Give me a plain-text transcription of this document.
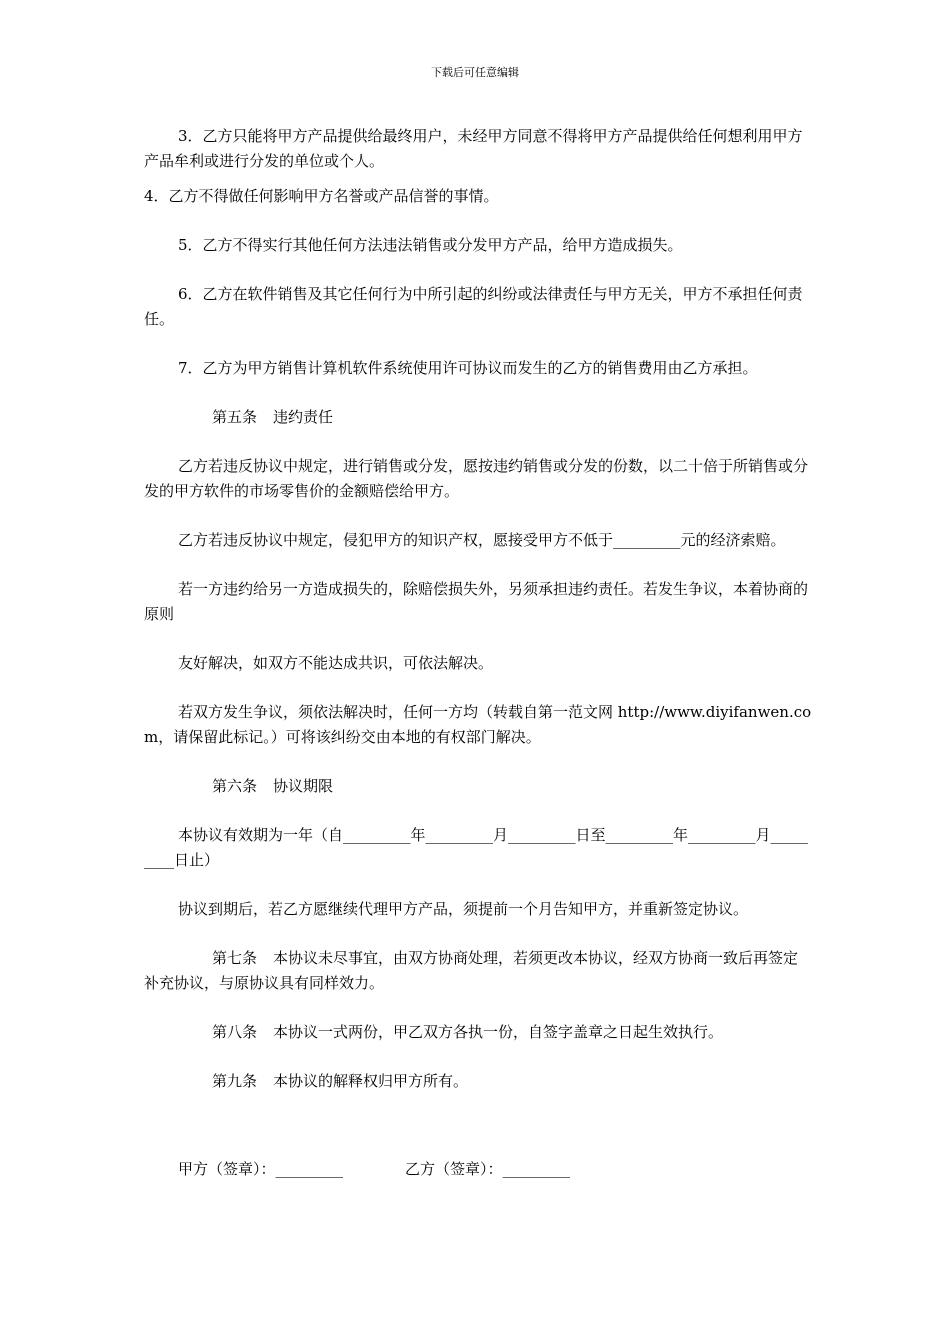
下载后可任意编辑

3．乙方只能将甲方产品提供给最终用户，未经甲方同意不得将甲方产品提供给任何想利用甲方产品牟利或进行分发的单位或个人。

4．乙方不得做任何影响甲方名誉或产品信誉的事情。

5．乙方不得实行其他任何方法违法销售或分发甲方产品，给甲方造成损失。

6．乙方在软件销售及其它任何行为中所引起的纠纷或法律责任与甲方无关，甲方不承担任何责任。

7．乙方为甲方销售计算机软件系统使用许可协议而发生的乙方的销售费用由乙方承担。

第五条 违约责任

乙方若违反协议中规定，进行销售或分发，愿按违约销售或分发的份数，以二十倍于所销售或分发的甲方软件的市场零售价的金额赔偿给甲方。

乙方若违反协议中规定，侵犯甲方的知识产权，愿接受甲方不低于_________元的经济索赔。

若一方违约给另一方造成损失的，除赔偿损失外，另须承担违约责任。若发生争议，本着协商的原则

友好解决，如双方不能达成共识，可依法解决。

若双方发生争议，须依法解决时，任何一方均（转载自第一范文网 http://www.diyifanwen.com，请保留此标记。）可将该纠纷交由本地的有权部门解决。

第六条 协议期限

本协议有效期为一年（自_________年_________月_________日至_________年_________月_________日止）

协议到期后，若乙方愿继续代理甲方产品，须提前一个月告知甲方，并重新签定协议。

第七条 本协议未尽事宜，由双方协商处理，若须更改本协议，经双方协商一致后再签定补充协议，与原协议具有同样效力。

第八条 本协议一式两份，甲乙双方各执一份，自签字盖章之日起生效执行。

第九条 本协议的解释权归甲方所有。

甲方（签章）：_________	乙方（签章）：_________
